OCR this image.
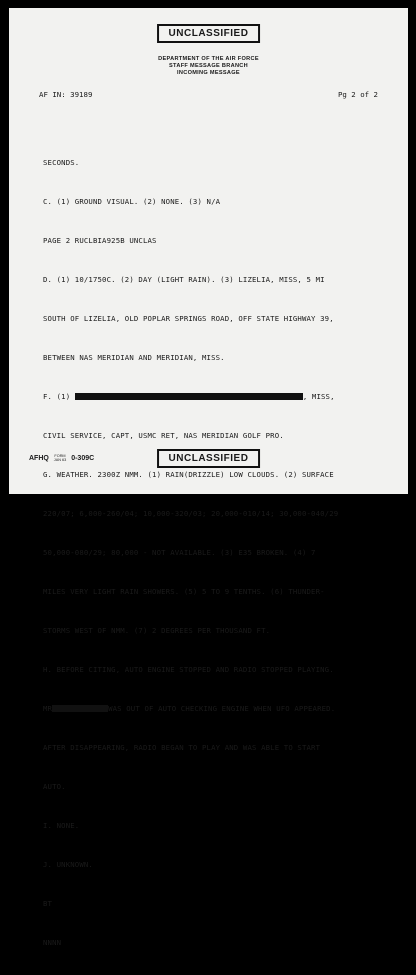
UNCLASSIFIED
DEPARTMENT OF THE AIR FORCE
STAFF MESSAGE BRANCH
INCOMING MESSAGE
AF IN: 39189	Pg 2 of 2

SECONDS.

C. (1) GROUND VISUAL. (2) NONE. (3) N/A

PAGE 2 RUCLBIA925B UNCLAS

D. (1) 10/1750C. (2) DAY (LIGHT RAIN). (3) LIZELIA, MISS, 5 MI

SOUTH OF LIZELIA, OLD POPLAR SPRINGS ROAD, OFF STATE HIGHWAY 39,

BETWEEN NAS MERIDIAN AND MERIDIAN, MISS.

F. (1)	, MISS,

CIVIL SERVICE, CAPT, USMC RET, NAS MERIDIAN GOLF PRO.

G. WEATHER. 2300Z NMM. (1) RAIN(DRIZZLE) LOW CLOUDS. (2) SURFACE

220/07; 6,000-260/04; 10,000-320/03; 20,000-010/14; 30,000-040/29

50,000-080/29; 80,000 - NOT AVAILABLE. (3) E35 BROKEN. (4) 7

MILES VERY LIGHT RAIN SHOWERS. (5) 5 TO 9 TENTHS. (6) THUNDER-

STORMS WEST OF NMM. (7) 2 DEGREES PER THOUSAND FT.

H. BEFORE CITING, AUTO ENGINE STOPPED AND RADIO STOPPED PLAYING.

MR	WAS OUT OF AUTO CHECKING ENGINE WHEN UFO APPEARED.

AFTER DISAPPEARING, RADIO BEGAN TO PLAY AND WAS ABLE TO START

AUTO.

I. NONE.

J. UNKNOWN.

BT

NNNN

AFHQ FORM
JAN 63 0-309C	UNCLASSIFIED
